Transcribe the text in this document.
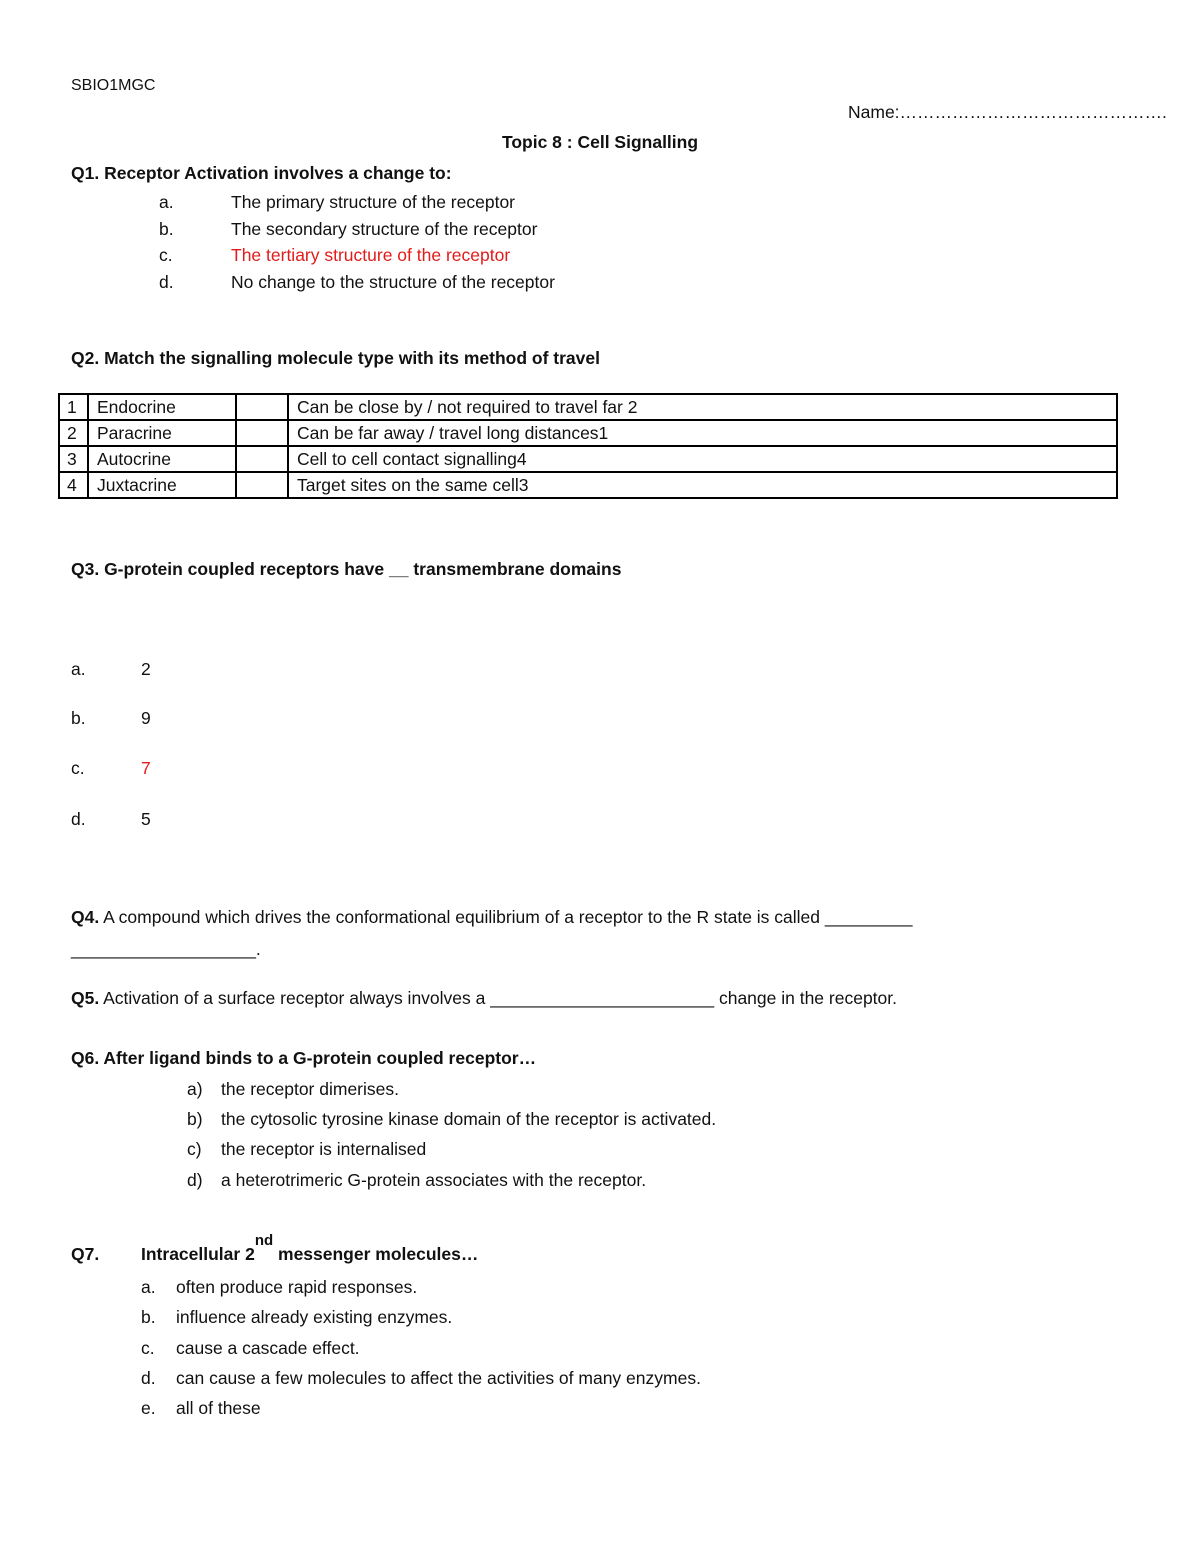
SBIO1MGC
Name:……………………………………….
Topic 8 : Cell Signalling
Q1. Receptor Activation involves a change to:
a.	The primary structure of the receptor
b.	The secondary structure of the receptor
c.	The tertiary structure of the receptor
d.	No change to the structure of the receptor
Q2. Match the signalling molecule type with its method of travel
1	Endocrine		Can be close by / not required to travel far 2
2	Paracrine		Can be far away / travel long distances1
3	Autocrine		Cell to cell contact signalling4
4	Juxtacrine		Target sites on the same cell3
Q3. G-protein coupled receptors have __ transmembrane domains
a.	2
b.	9
c.	7
d.	5
Q4. A compound which drives the conformational equilibrium of a receptor to the R state is called _________
___________________.
Q5. Activation of a surface receptor always involves a _______________________ change in the receptor.
Q6. After ligand binds to a G-protein coupled receptor…
a) the receptor dimerises.
b) the cytosolic tyrosine kinase domain of the receptor is activated.
c) the receptor is internalised
d) a heterotrimeric G-protein associates with the receptor.
Q7. Intracellular 2nd messenger molecules…
a. often produce rapid responses.
b. influence already existing enzymes.
c. cause a cascade effect.
d. can cause a few molecules to affect the activities of many enzymes.
e. all of these
